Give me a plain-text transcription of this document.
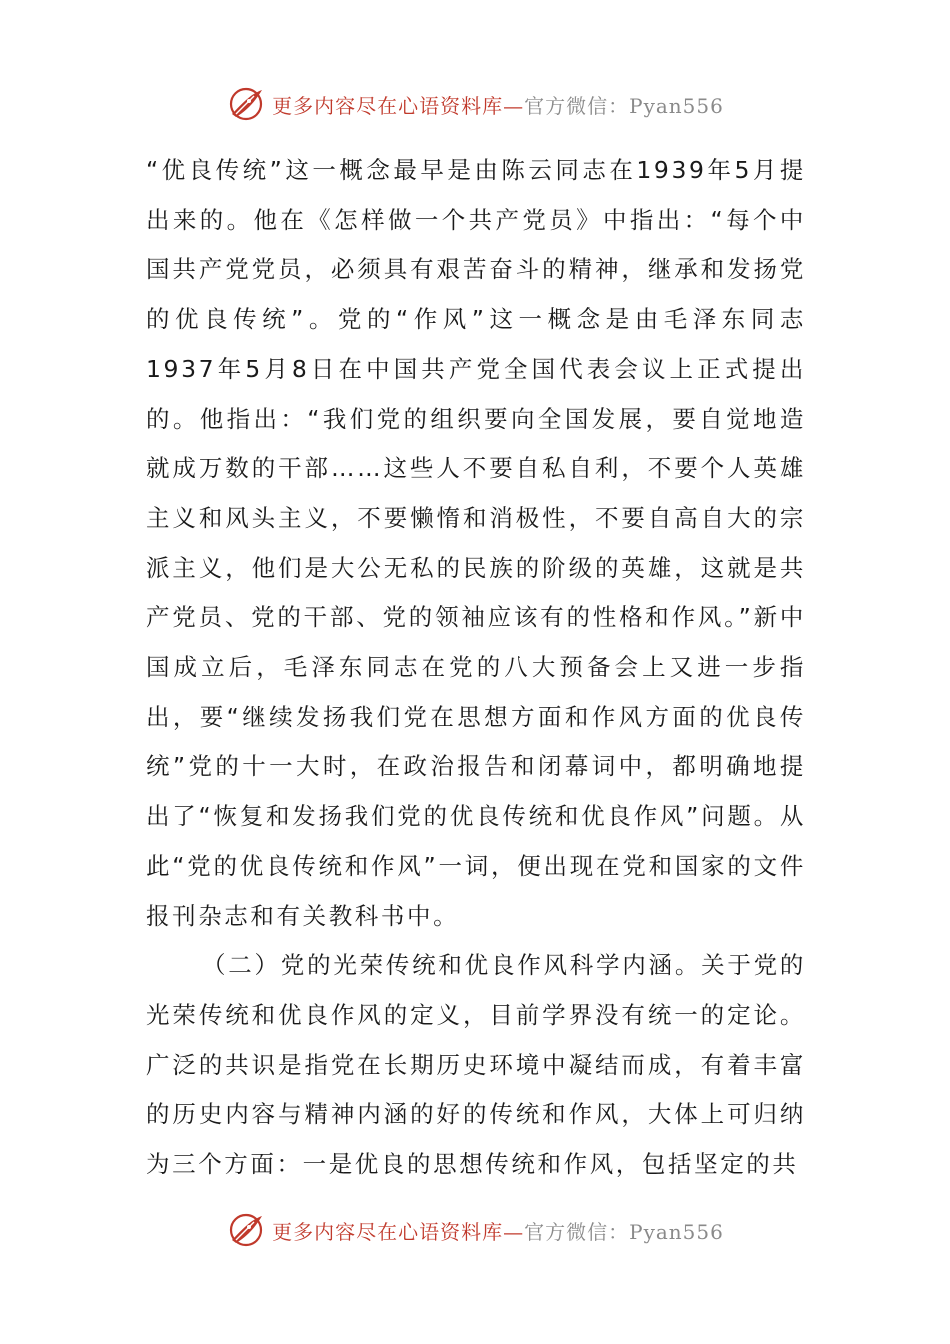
更多内容尽在心语资料库—官方微信：Pyan556

“优良传统”这一概念最早是由陈云同志在1939年5月提出来的。他在《怎样做一个共产党员》中指出：“每个中国共产党党员，必须具有艰苦奋斗的精神，继承和发扬党的优良传统”。党的“作风”这一概念是由毛泽东同志1937年5月8日在中国共产党全国代表会议上正式提出的。他指出：“我们党的组织要向全国发展，要自觉地造就成万数的干部……这些人不要自私自利，不要个人英雄主义和风头主义，不要懒惰和消极性，不要自高自大的宗派主义，他们是大公无私的民族的阶级的英雄，这就是共产党员、党的干部、党的领袖应该有的性格和作风。”新中国成立后，毛泽东同志在党的八大预备会上又进一步指出，要“继续发扬我们党在思想方面和作风方面的优良传统”党的十一大时，在政治报告和闭幕词中，都明确地提出了“恢复和发扬我们党的优良传统和优良作风”问题。从此“党的优良传统和作风”一词，便出现在党和国家的文件报刊杂志和有关教科书中。

（二）党的光荣传统和优良作风科学内涵。关于党的光荣传统和优良作风的定义，目前学界没有统一的定论。广泛的共识是指党在长期历史环境中凝结而成，有着丰富的历史内容与精神内涵的好的传统和作风，大体上可归纳为三个方面：一是优良的思想传统和作风，包括坚定的共

更多内容尽在心语资料库—官方微信：Pyan556
